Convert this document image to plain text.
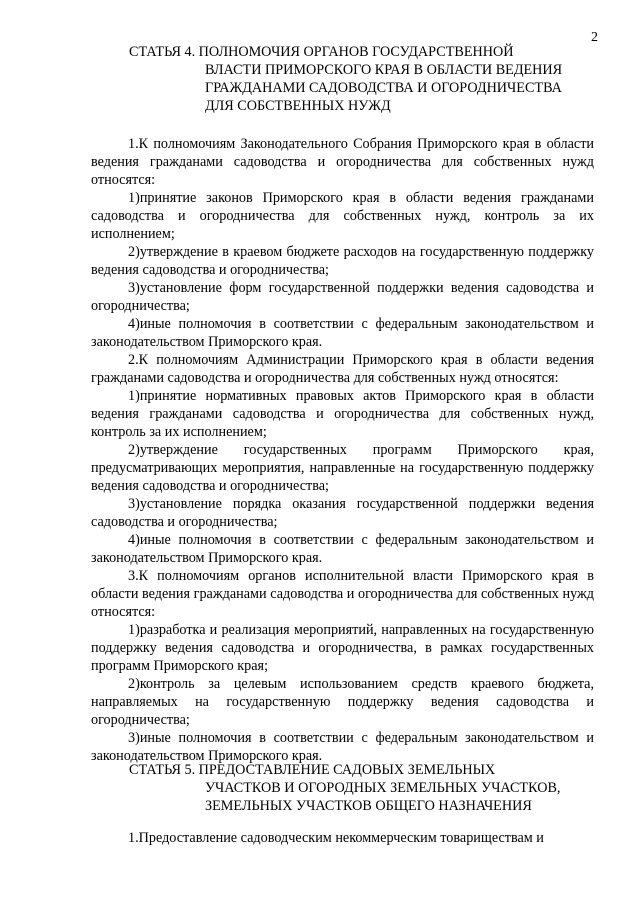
2
СТАТЬЯ 4. ПОЛНОМОЧИЯ ОРГАНОВ ГОСУДАРСТВЕННОЙ
ВЛАСТИ ПРИМОРСКОГО КРАЯ В ОБЛАСТИ ВЕДЕНИЯ
ГРАЖДАНАМИ САДОВОДСТВА И ОГОРОДНИЧЕСТВА
ДЛЯ СОБСТВЕННЫХ НУЖД

1.К полномочиям Законодательного Собрания Приморского края в области ведения гражданами садоводства и огородничества для собственных нужд относятся:

1)принятие законов Приморского края в области ведения гражданами садоводства и огородничества для собственных нужд, контроль за их исполнением;

2)утверждение в краевом бюджете расходов на государственную поддержку ведения садоводства и огородничества;

3)установление форм государственной поддержки ведения садоводства и огородничества;

4)иные полномочия в соответствии с федеральным законодательством и законодательством Приморского края.

2.К полномочиям Администрации Приморского края в области ведения гражданами садоводства и огородничества для собственных нужд относятся:

1)принятие нормативных правовых актов Приморского края в области ведения гражданами садоводства и огородничества для собственных нужд, контроль за их исполнением;

2)утверждение государственных программ Приморского края, предусматривающих мероприятия, направленные на государственную поддержку ведения садоводства и огородничества;

3)установление порядка оказания государственной поддержки ведения садоводства и огородничества;

4)иные полномочия в соответствии с федеральным законодательством и законодательством Приморского края.

3.К полномочиям органов исполнительной власти Приморского края в области ведения гражданами садоводства и огородничества для собственных нужд относятся:

1)разработка и реализация мероприятий, направленных на государственную поддержку ведения садоводства и огородничества, в рамках государственных программ Приморского края;

2)контроль за целевым использованием средств краевого бюджета, направляемых на государственную поддержку ведения садоводства и огородничества;

3)иные полномочия в соответствии с федеральным законодательством и законодательством Приморского края.

СТАТЬЯ 5. ПРЕДОСТАВЛЕНИЕ САДОВЫХ ЗЕМЕЛЬНЫХ
УЧАСТКОВ И ОГОРОДНЫХ ЗЕМЕЛЬНЫХ УЧАСТКОВ,
ЗЕМЕЛЬНЫХ УЧАСТКОВ ОБЩЕГО НАЗНАЧЕНИЯ

1.Предоставление садоводческим некоммерческим товариществам и
